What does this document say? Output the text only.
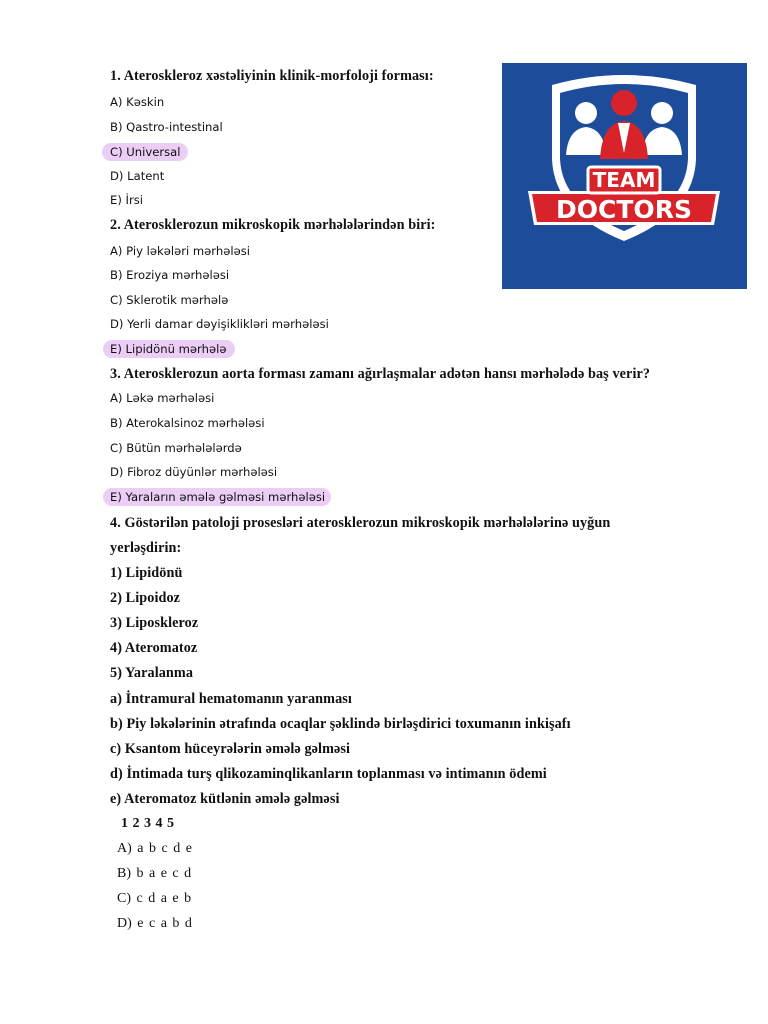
TEAM
DOCTORS
1. Ateroskleroz xəstəliyinin klinik-morfoloji forması:
A) Kəskin
B) Qastro-intestinal
C) Universal
D) Latent
E) İrsi
2. Aterosklerozun mikroskopik mərhələlərindən biri:
A) Piy ləkələri mərhələsi
B) Eroziya mərhələsi
C) Sklerotik mərhələ
D) Yerli damar dəyişiklikləri mərhələsi
E) Lipidönü mərhələ
3. Aterosklerozun aorta forması zamanı ağırlaşmalar adətən hansı mərhələdə baş verir?
A) Ləkə mərhələsi
B) Aterokalsinoz mərhələsi
C) Bütün mərhələlərdə
D) Fibroz düyünlər mərhələsi
E) Yaraların əmələ gəlməsi mərhələsi
4. Göstərilən patoloji prosesləri aterosklerozun mikroskopik mərhələlərinə uyğun
yerləşdirin:
1) Lipidönü
2) Lipoidoz
3) Liposkleroz
4) Ateromatoz
5) Yaralanma
a) İntramural hematomanın yaranması
b) Piy ləkələrinin ətrafında ocaqlar şəklində birləşdirici toxumanın inkişafı
c) Ksantom hüceyrələrin əmələ gəlməsi
d) İntimada turş qlikozaminqlikanların toplanması və intimanın ödemi
e) Ateromatoz kütlənin əmələ gəlməsi
1 2 3 4 5
A) a b c d e
B) b a e c d
C) c d a e b
D) e c a b d
